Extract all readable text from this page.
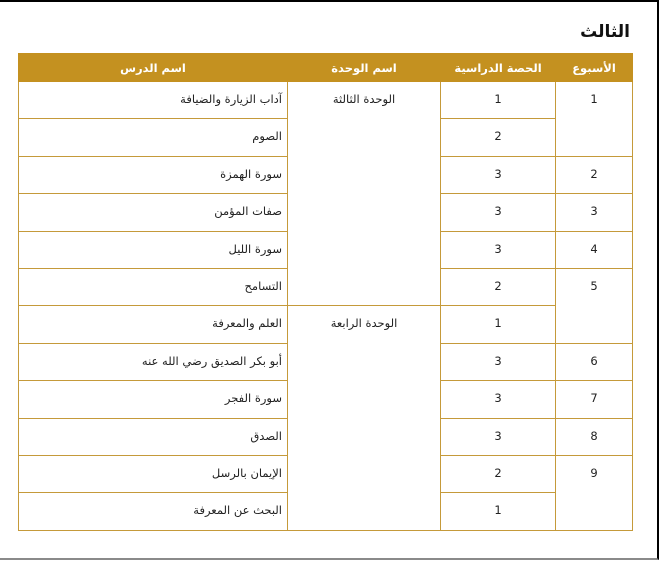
الثالث
الأسبوع	الحصة الدراسية	اسم الوحدة	اسم الدرس
1	1	الوحدة الثالثة	آداب الزيارة والضيافة
	2		الصوم
2	3		سورة الهمزة
3	3		صفات المؤمن
4	3		سورة الليل
5	2		التسامح
	1	الوحدة الرابعة	العلم والمعرفة
6	3		أبو بكر الصديق رضي الله عنه
7	3		سورة الفجر
8	3		الصدق
9	2		الإيمان بالرسل
	1		البحث عن المعرفة
